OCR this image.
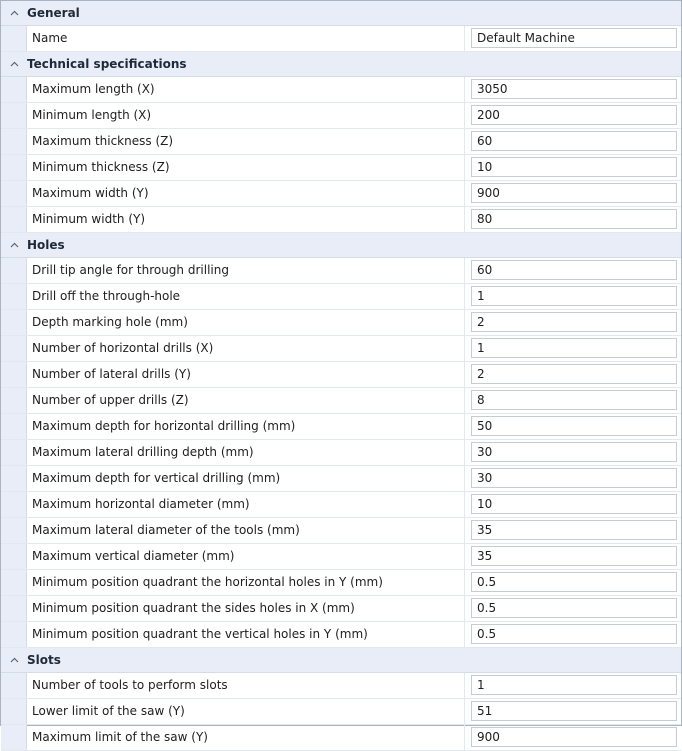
General
Name
Default Machine
Technical specifications
Maximum length (X)
3050
Minimum length (X)
200
Maximum thickness (Z)
60
Minimum thickness (Z)
10
Maximum width (Y)
900
Minimum width (Y)
80
Holes
Drill tip angle for through drilling
60
Drill off the through-hole
1
Depth marking hole (mm)
2
Number of horizontal drills (X)
1
Number of lateral drills (Y)
2
Number of upper drills (Z)
8
Maximum depth for horizontal drilling (mm)
50
Maximum lateral drilling depth (mm)
30
Maximum depth for vertical drilling (mm)
30
Maximum horizontal diameter (mm)
10
Maximum lateral diameter of the tools (mm)
35
Maximum vertical diameter (mm)
35
Minimum position quadrant the horizontal holes in Y (mm)
0.5
Minimum position quadrant the sides holes in X (mm)
0.5
Minimum position quadrant the vertical holes in Y (mm)
0.5
Slots
Number of tools to perform slots
1
Lower limit of the saw (Y)
51
Maximum limit of the saw (Y)
900
